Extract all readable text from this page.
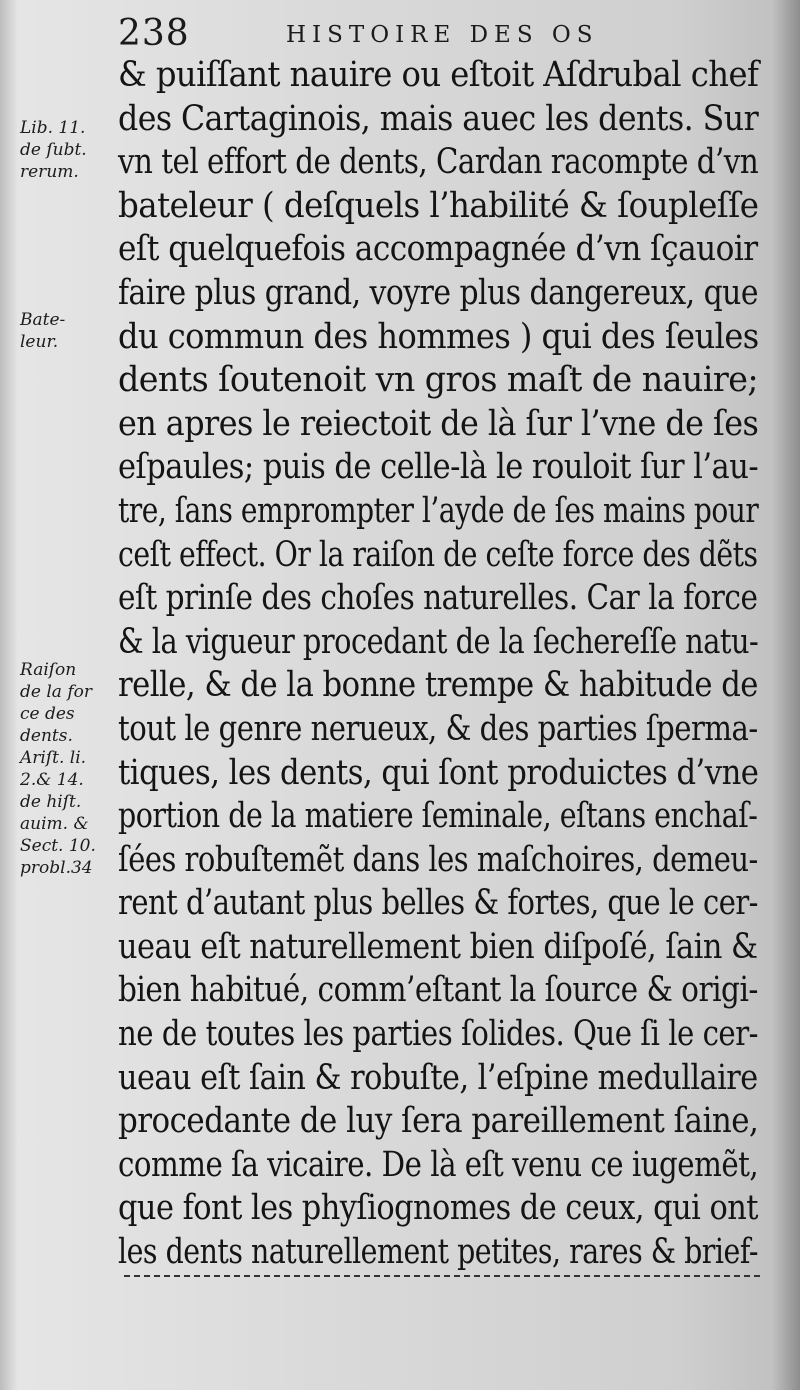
238	HISTOIRE DES OS
Lib. 11.
de ſubt.
rerum.
Bate-
leur.
Raiſon
de la for
ce des
dents.
Ariſt. li.
2.& 14.
de hiſt.
auim. &
Sect. 10.
probl.34
& puiſſant nauire ou eſtoit Aſdrubal chef
des Cartaginois, mais auec les dents. Sur
vn tel effort de dents, Cardan racompte d’vn
bateleur ( deſquels l’habilité & ſoupleſſe
eſt quelquefois accompagnée d’vn ſçauoir
faire plus grand, voyre plus dangereux, que
du commun des hommes ) qui des ſeules
dents ſoutenoit vn gros maſt de nauire;
en apres le reiectoit de là ſur l’vne de ſes
eſpaules; puis de celle-là le rouloit ſur l’au-
tre, ſans emprompter l’ayde de ſes mains pour
ceſt effect. Or la raiſon de ceſte force des dẽts
eſt prinſe des choſes naturelles. Car la force
& la vigueur procedant de la ſechereſſe natu-
relle, & de la bonne trempe & habitude de
tout le genre nerueux, & des parties ſperma-
tiques, les dents, qui ſont produictes d’vne
portion de la matiere ſeminale, eſtans enchaſ-
ſées robuſtemẽt dans les maſchoires, demeu-
rent d’autant plus belles & fortes, que le cer-
ueau eſt naturellement bien diſpoſé, ſain &
bien habitué, comm’eſtant la ſource & origi-
ne de toutes les parties ſolides. Que ſi le cer-
ueau eſt ſain & robuſte, l’eſpine medullaire
procedante de luy ſera pareillement ſaine,
comme ſa vicaire. De là eſt venu ce iugemẽt,
que font les phyſiognomes de ceux, qui ont
les dents naturellement petites, rares & brief-
